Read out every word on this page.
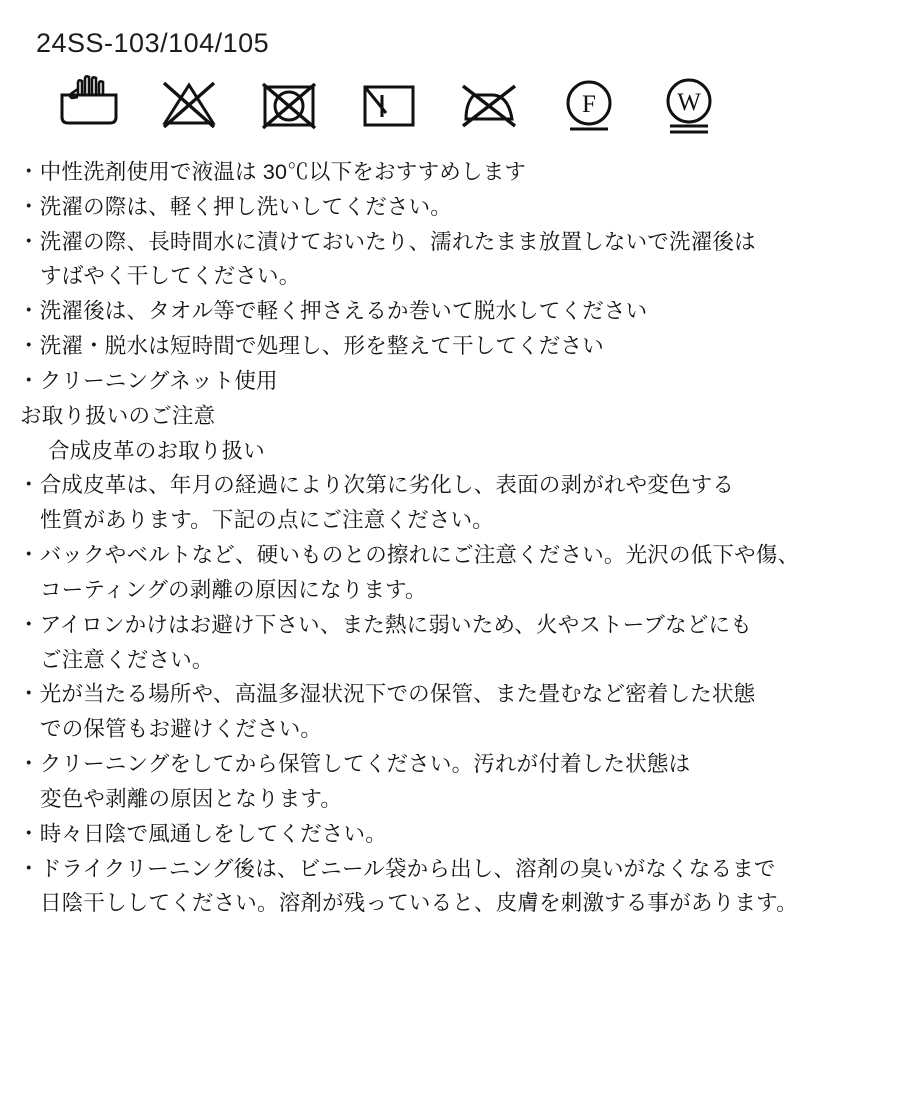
24SS-103/104/105
F	W
・中性洗剤使用で液温は 30℃以下をおすすめします
・洗濯の際は、軽く押し洗いしてください。
・洗濯の際、長時間水に漬けておいたり、濡れたまま放置しないで洗濯後は
すばやく干してください。
・洗濯後は、タオル等で軽く押さえるか巻いて脱水してください
・洗濯・脱水は短時間で処理し、形を整えて干してください
・クリーニングネット使用
お取り扱いのご注意
合成皮革のお取り扱い
・合成皮革は、年月の経過により次第に劣化し、表面の剥がれや変色する
性質があります。下記の点にご注意ください。
・バックやベルトなど、硬いものとの擦れにご注意ください。光沢の低下や傷、
コーティングの剥離の原因になります。
・アイロンかけはお避け下さい、また熱に弱いため、火やストーブなどにも
ご注意ください。
・光が当たる場所や、高温多湿状況下での保管、また畳むなど密着した状態
での保管もお避けください。
・クリーニングをしてから保管してください。汚れが付着した状態は
変色や剥離の原因となります。
・時々日陰で風通しをしてください。
・ドライクリーニング後は、ビニール袋から出し、溶剤の臭いがなくなるまで
日陰干ししてください。溶剤が残っていると、皮膚を刺激する事があります。
